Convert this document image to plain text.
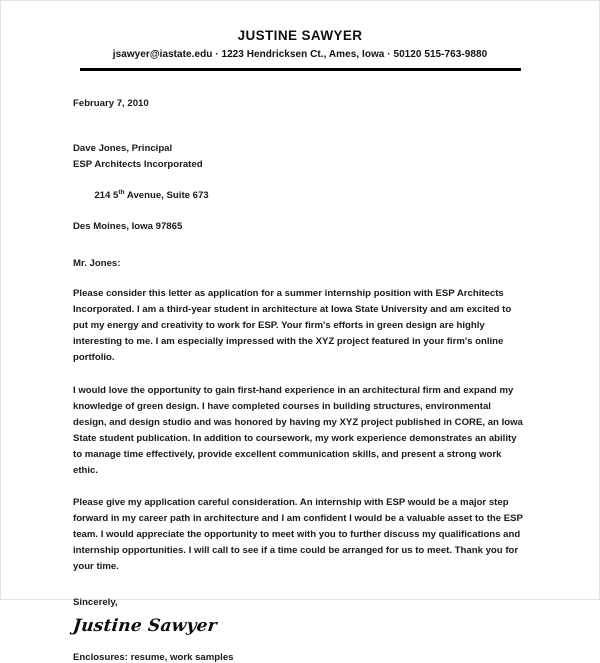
JUSTINE SAWYER
jsawyer@iastate.edu · 1223 Hendricksen Ct., Ames, Iowa · 50120 515-763-9880
February 7, 2010
Dave Jones, Principal
ESP Architects Incorporated

214 5th Avenue, Suite 673

Des Moines, Iowa 97865
Mr. Jones:

Please consider this letter as application for a summer internship position with ESP Architects Incorporated. I am a third-year student in architecture at Iowa State University and am excited to put my energy and creativity to work for ESP. Your firm's efforts in green design are highly interesting to me. I am especially impressed with the XYZ project featured in your firm's online portfolio.

I would love the opportunity to gain first-hand experience in an architectural firm and expand my knowledge of green design. I have completed courses in building structures, environmental design, and design studio and was honored by having my XYZ project published in CORE, an Iowa State student publication. In addition to coursework, my work experience demonstrates an ability to manage time effectively, provide excellent communication skills, and present a strong work ethic.

Please give my application careful consideration. An internship with ESP would be a major step forward in my career path in architecture and I am confident I would be a valuable asset to the ESP team. I would appreciate the opportunity to meet with you to further discuss my qualifications and internship opportunities. I will call to see if a time could be arranged for us to meet. Thank you for your time.

Sincerely,
Justine Sawyer
Enclosures: resume, work samples
